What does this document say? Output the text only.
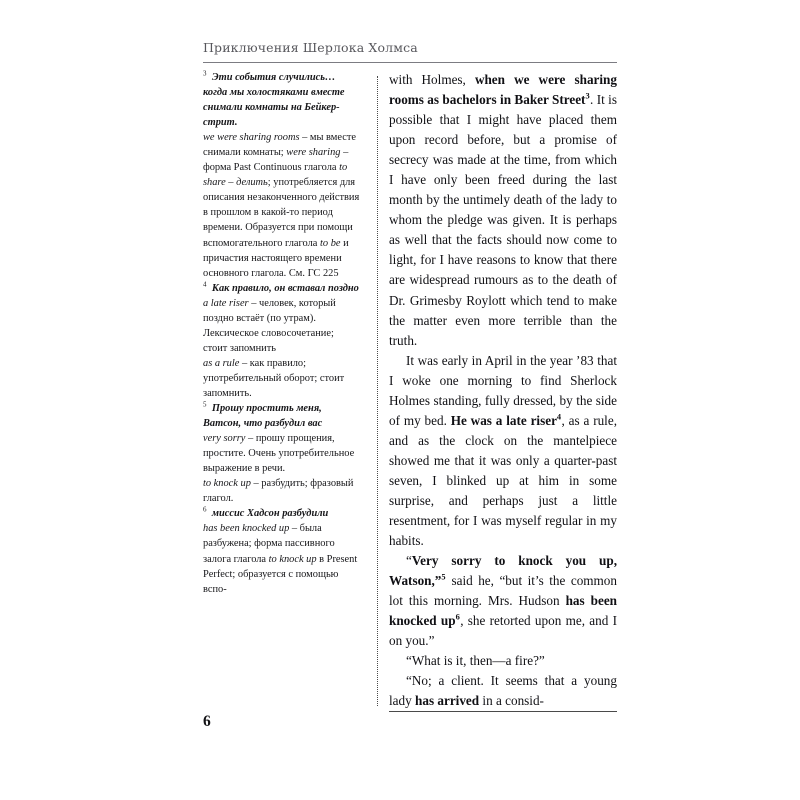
Приключения Шерлока Холмса

$^3$ Эти события случились… когда мы холостяками вместе снимали комнаты на Бейкер-стрит.
we were sharing rooms – мы вместе снимали комнаты; were sharing – форма Past Continuous глагола to share – делить; употребляется для описания незаконченного действия в прошлом в какой-то период времени. Образуется при помощи вспомогательного глагола to be и причастия настоящего времени основного глагола. См. ГС 225

$^4$ Как правило, он вставал поздно
a late riser – человек, который поздно встаёт (по утрам). Лексическое словосочетание; стоит запомнить
as a rule – как правило; употребительный оборот; стоит запомнить.

$^5$ Прошу простить меня, Ватсон, что разбудил вас
very sorry – прошу прощения, простите. Очень употребительное выражение в речи.
to knock up – разбудить; фразовый глагол.

$^6$ миссис Хадсон разбудили
has been knocked up – была разбужена; форма пассивного залога глагола to knock up в Present Perfect; образуется с помощью вспо-

with Holmes, when we were sharing rooms as bachelors in Baker Street$^3$. It is possible that I might have placed them upon record before, but a promise of secrecy was made at the time, from which I have only been freed during the last month by the untimely death of the lady to whom the pledge was given. It is perhaps as well that the facts should now come to light, for I have reasons to know that there are widespread rumours as to the death of Dr. Grimesby Roylott which tend to make the matter even more terrible than the truth.

It was early in April in the year ’83 that I woke one morning to find Sherlock Holmes standing, fully dressed, by the side of my bed. He was a late riser$^4$, as a rule, and as the clock on the mantelpiece showed me that it was only a quarter-past seven, I blinked up at him in some surprise, and perhaps just a little resentment, for I was myself regular in my habits.

“Very sorry to knock you up, Watson,”$^5$ said he, “but it’s the common lot this morning. Mrs. Hudson has been knocked $up^6$, she retorted upon me, and I on you.”

“What is it, then—a fire?”

“No; a client. It seems that a young lady has arrived in a consid-

6
